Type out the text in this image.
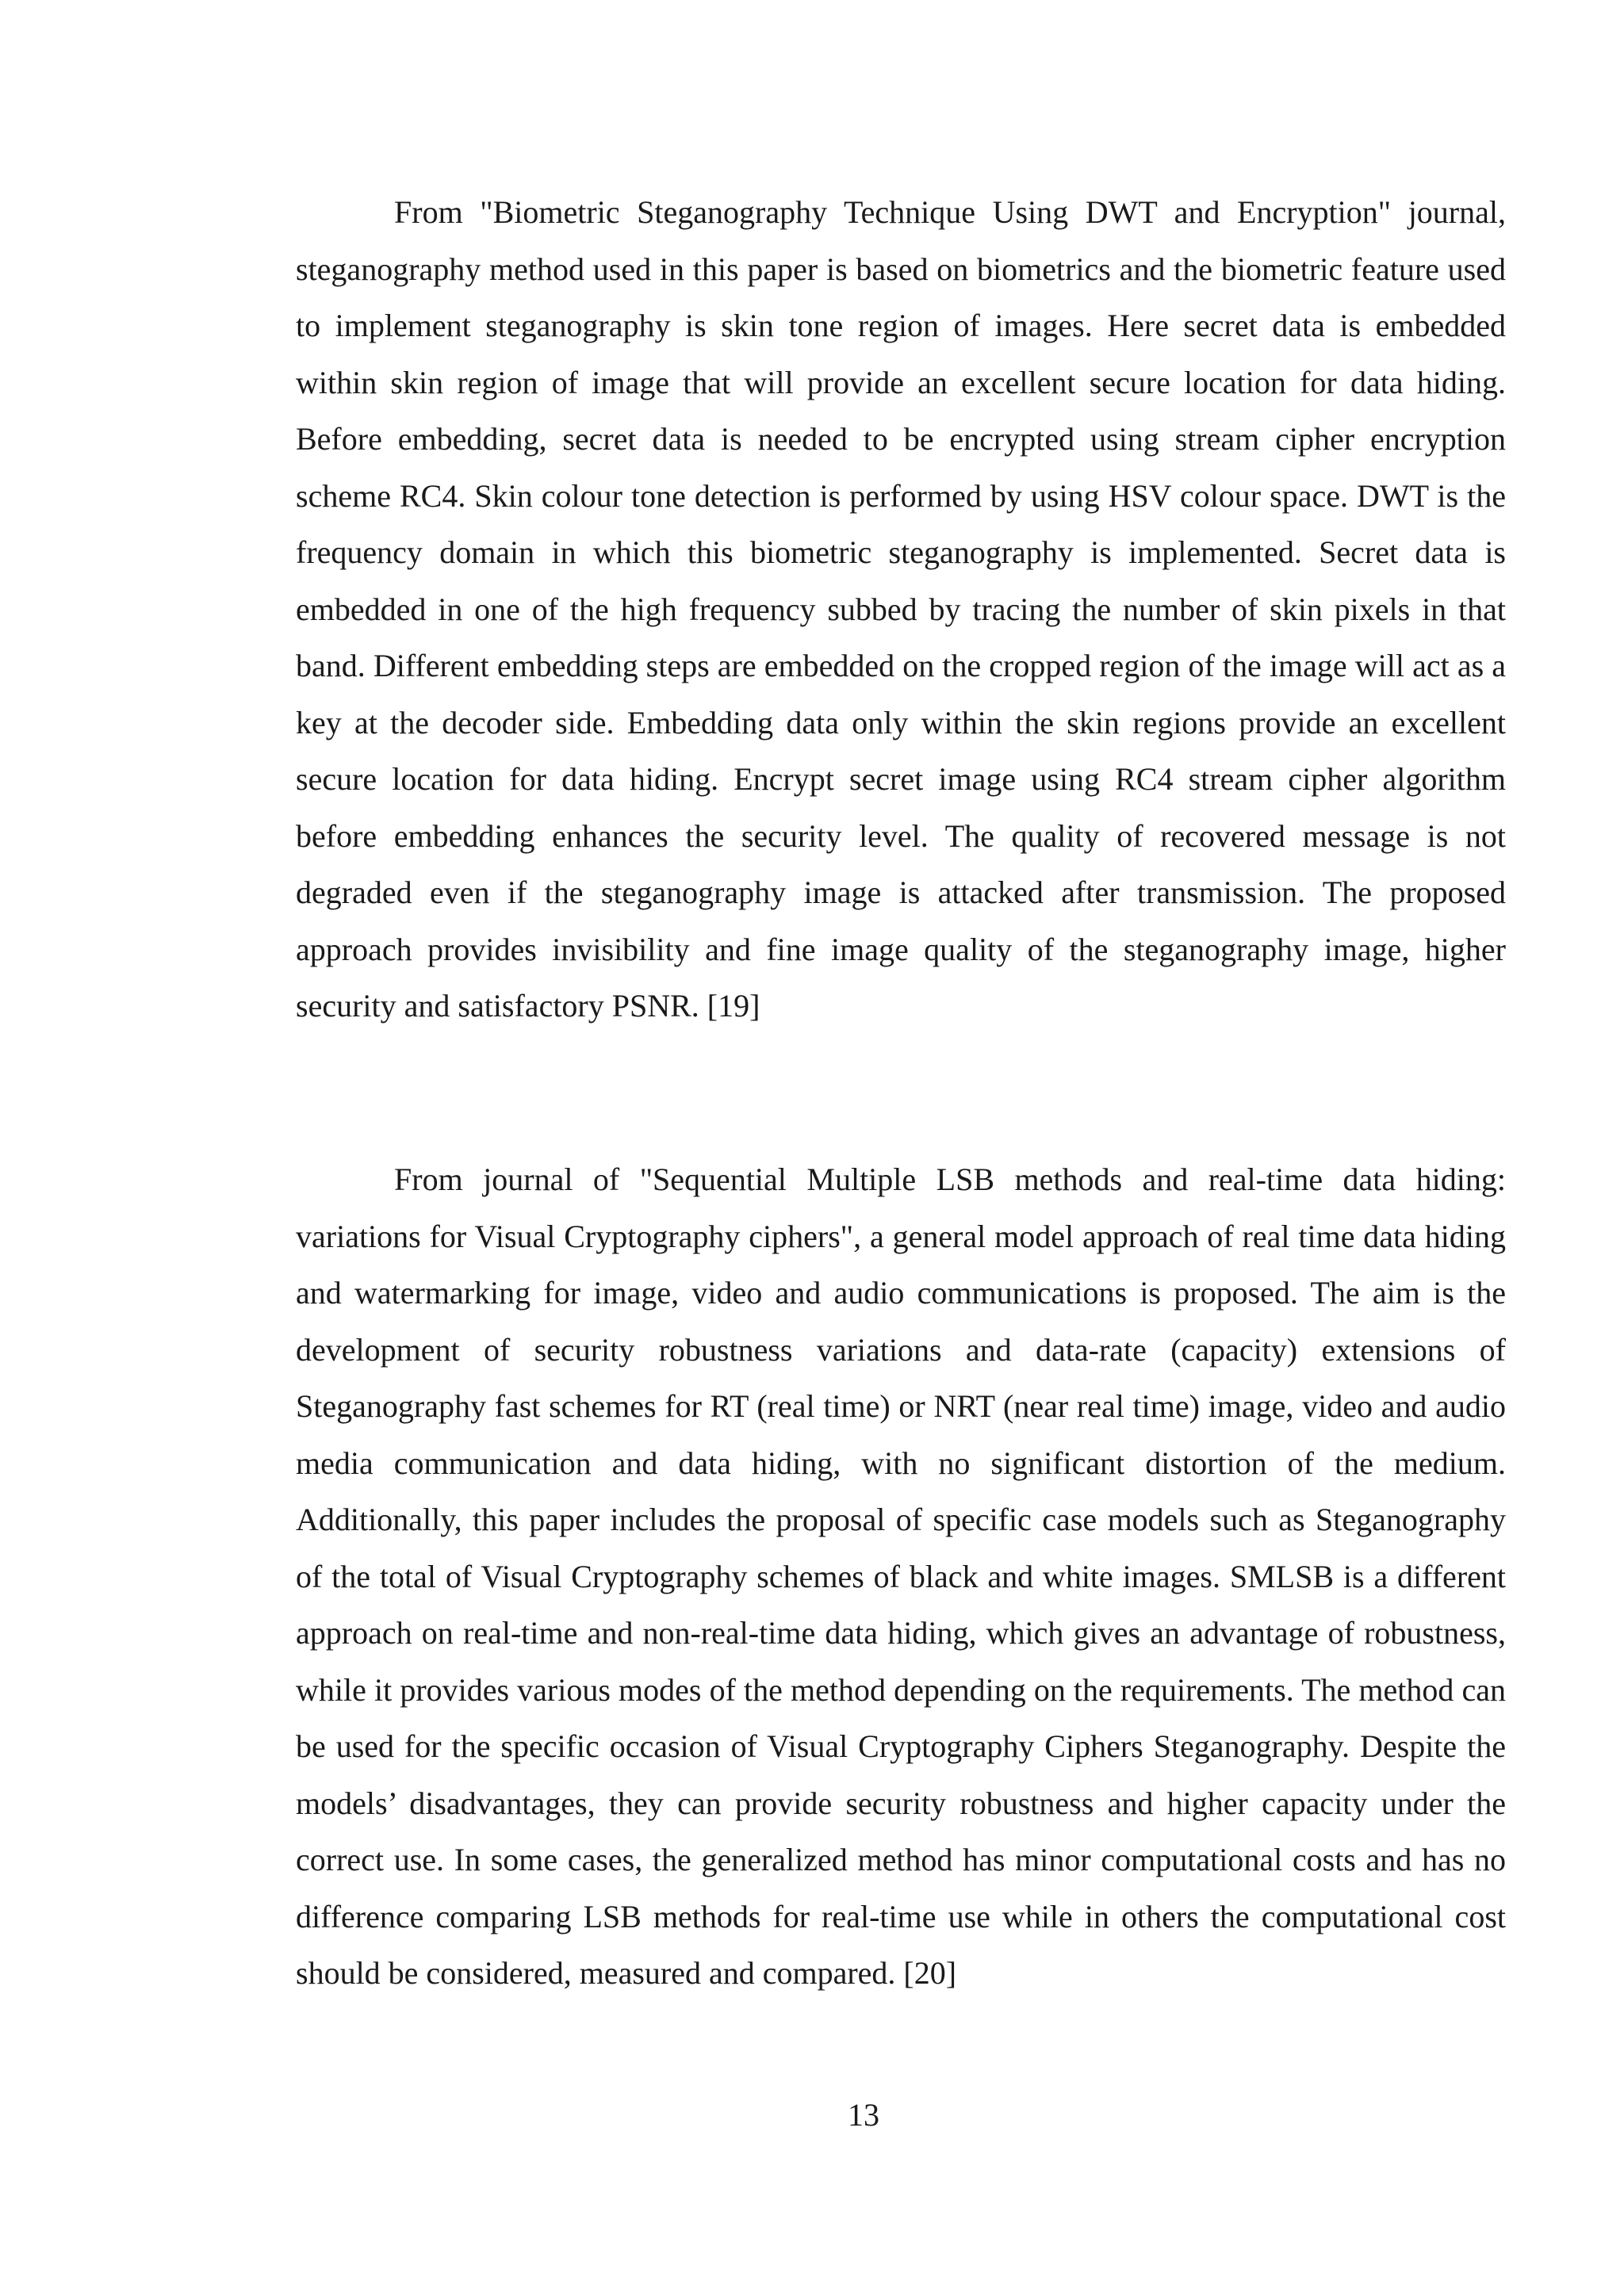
From "Biometric Steganography Technique Using DWT and Encryption" journal, steganography method used in this paper is based on biometrics and the biometric feature used to implement steganography is skin tone region of images. Here secret data is embedded within skin region of image that will provide an excellent secure location for data hiding. Before embedding, secret data is needed to be encrypted using stream cipher encryption scheme RC4. Skin colour tone detection is performed by using HSV colour space. DWT is the frequency domain in which this biometric steganography is implemented. Secret data is embedded in one of the high frequency subbed by tracing the number of skin pixels in that band. Different embedding steps are embedded on the cropped region of the image will act as a key at the decoder side. Embedding data only within the skin regions provide an excellent secure location for data hiding. Encrypt secret image using RC4 stream cipher algorithm before embedding enhances the security level. The quality of recovered message is not degraded even if the steganography image is attacked after transmission. The proposed approach provides invisibility and fine image quality of the steganography image, higher security and satisfactory PSNR. [19]

From journal of "Sequential Multiple LSB methods and real-time data hiding: variations for Visual Cryptography ciphers", a general model approach of real time data hiding and watermarking for image, video and audio communications is proposed. The aim is the development of security robustness variations and data-rate (capacity) extensions of Steganography fast schemes for RT (real time) or NRT (near real time) image, video and audio media communication and data hiding, with no significant distortion of the medium. Additionally, this paper includes the proposal of specific case models such as Steganography of the total of Visual Cryptography schemes of black and white images. SMLSB is a different approach on real-time and non-real-time data hiding, which gives an advantage of robustness, while it provides various modes of the method depending on the requirements. The method can be used for the specific occasion of Visual Cryptography Ciphers Steganography. Despite the models’ disadvantages, they can provide security robustness and higher capacity under the correct use. In some cases, the generalized method has minor computational costs and has no difference comparing LSB methods for real-time use while in others the computational cost should be considered, measured and compared. [20]

13
